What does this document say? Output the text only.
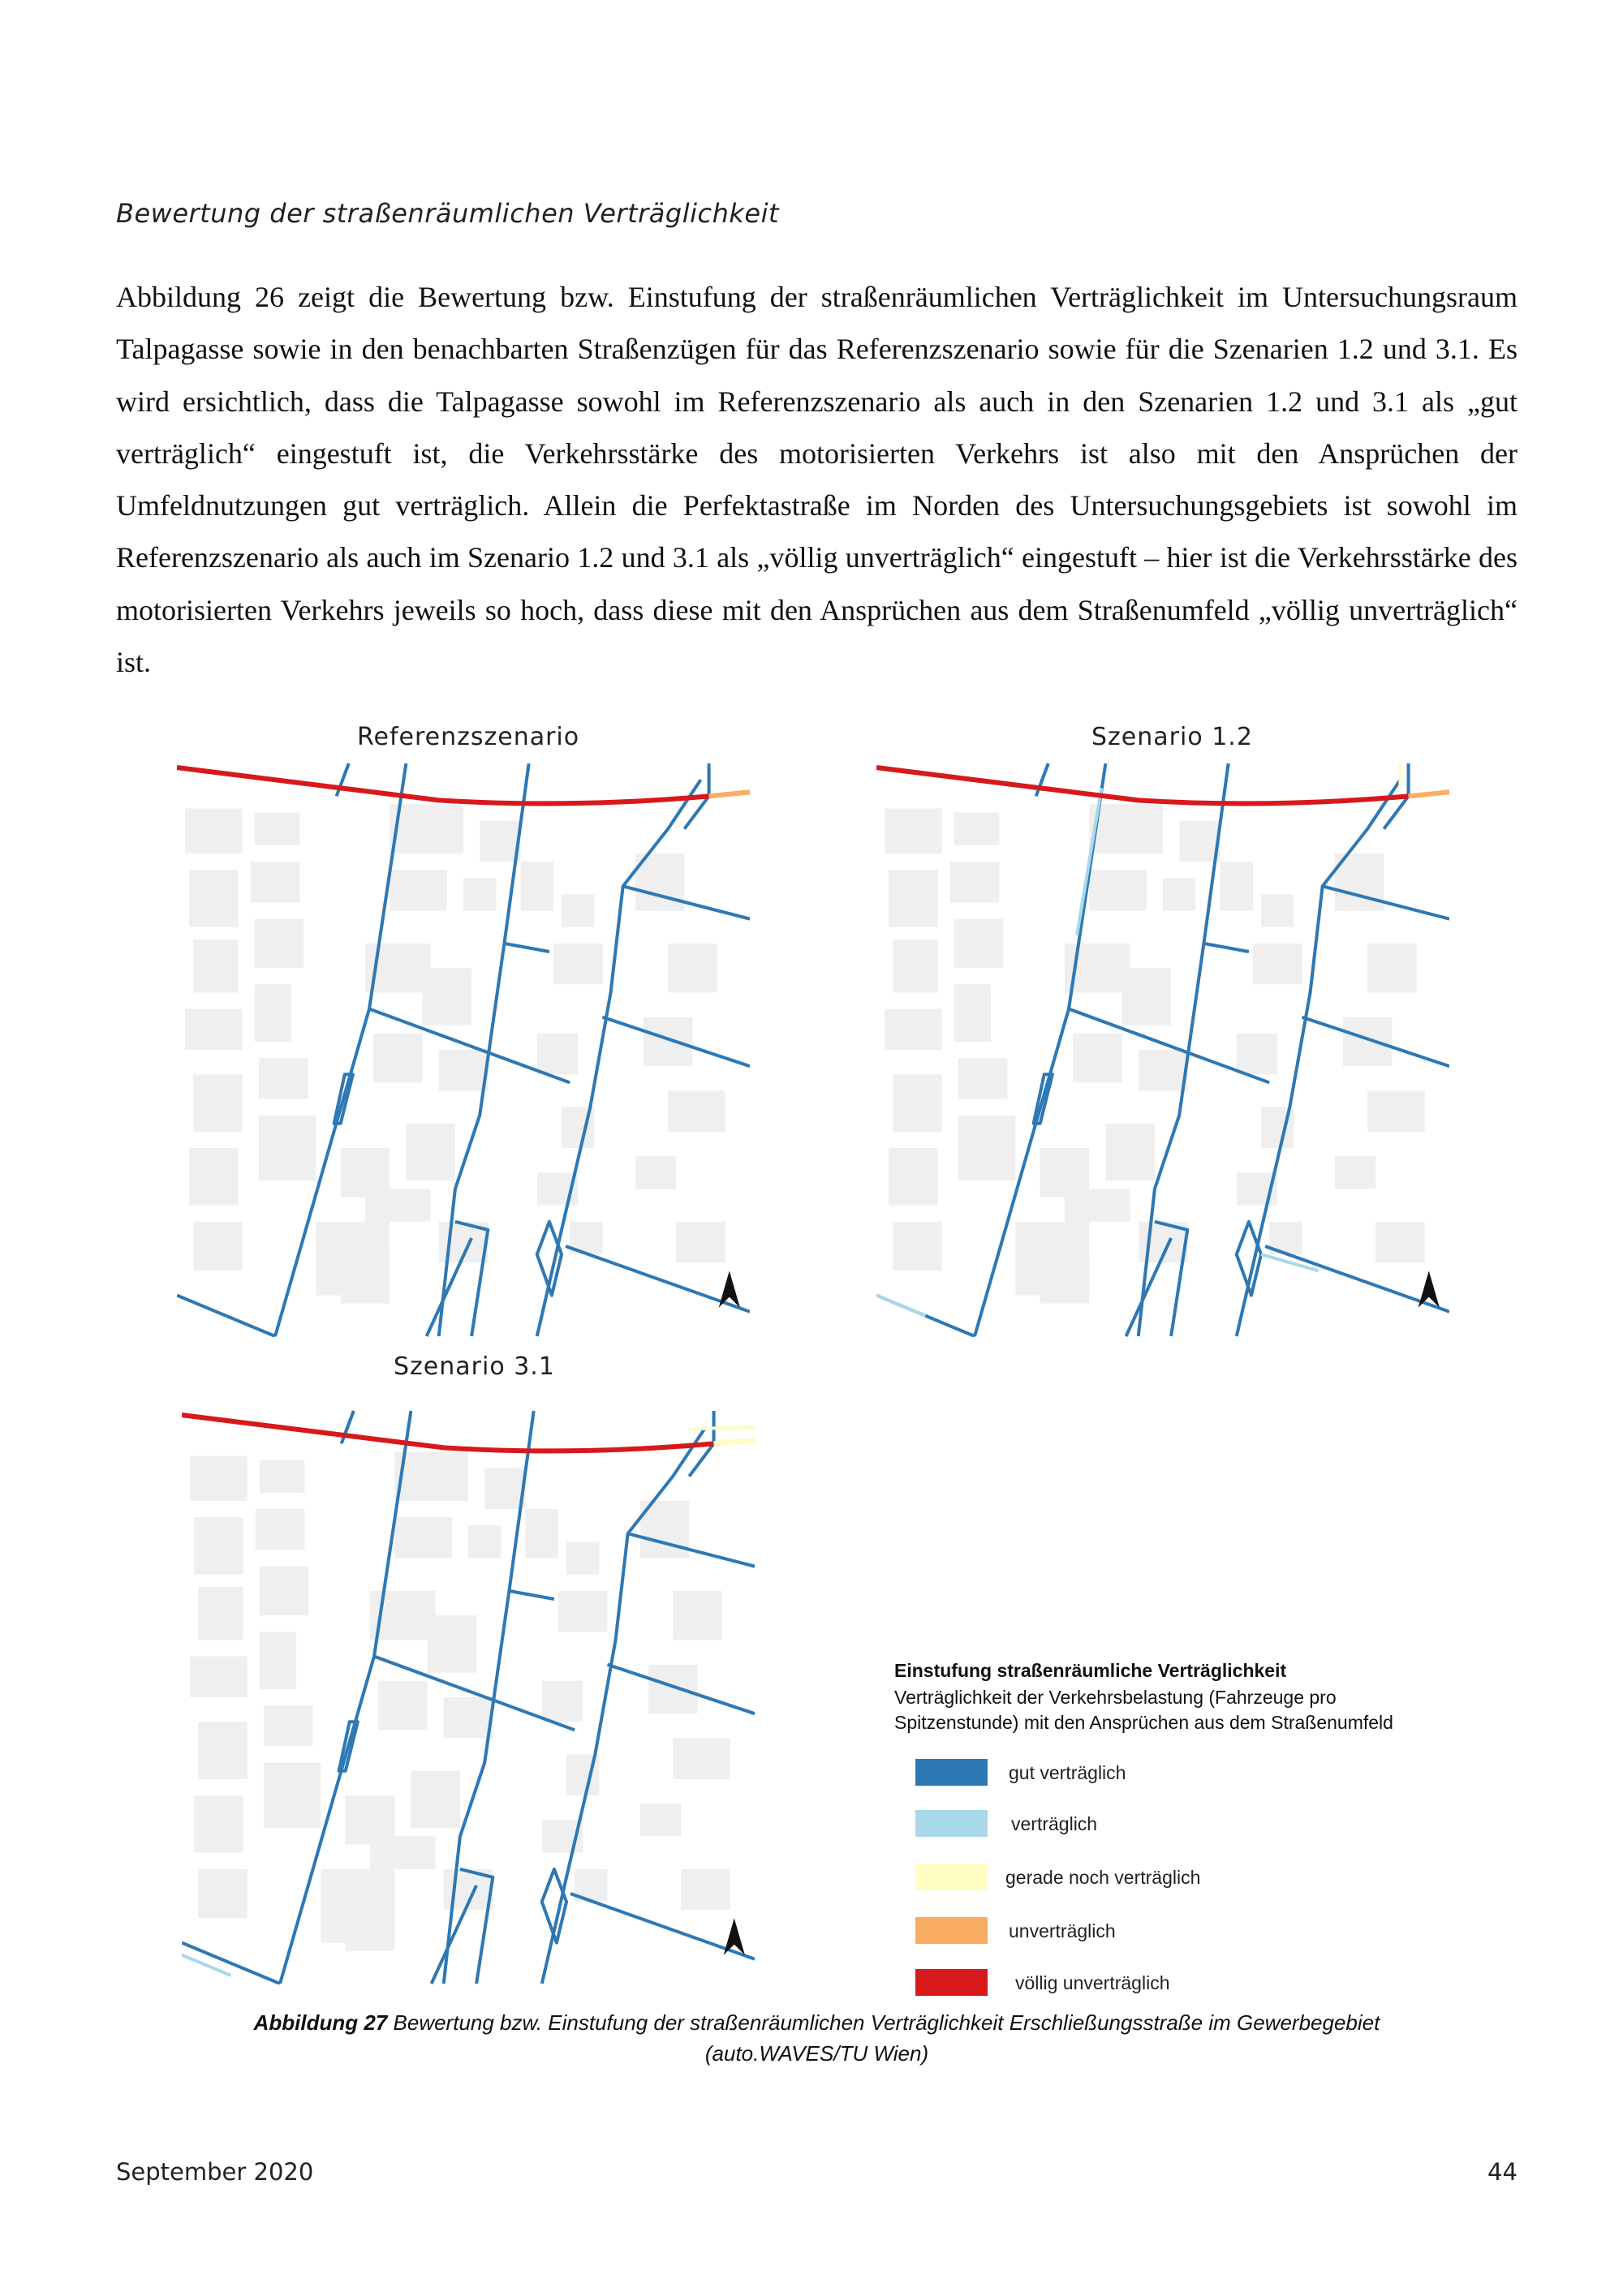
Bewertung der straßenräumlichen Verträglichkeit

Abbildung 26 zeigt die Bewertung bzw. Einstufung der straßenräumlichen Verträglichkeit im Untersuchungsraum Talpagasse sowie in den benachbarten Straßenzügen für das Referenzszenario sowie für die Szenarien 1.2 und 3.1. Es wird ersichtlich, dass die Talpagasse sowohl im Referenzszenario als auch in den Szenarien 1.2 und 3.1 als „gut verträglich“ eingestuft ist, die Verkehrsstärke des motorisierten Verkehrs ist also mit den Ansprüchen der Umfeldnutzungen gut verträglich. Allein die Perfektastraße im Norden des Untersuchungsgebiets ist sowohl im Referenzszenario als auch im Szenario 1.2 und 3.1 als „völlig unverträglich“ eingestuft – hier ist die Verkehrsstärke des motorisierten Verkehrs jeweils so hoch, dass diese mit den Ansprüchen aus dem Straßenumfeld „völlig unverträglich“ ist.

Referenzszenario	Szenario 1.2
Szenario 3.1
Einstufung straßenräumliche Verträglichkeit
Verträglichkeit der Verkehrsbelastung (Fahrzeuge pro Spitzenstunde) mit den Ansprüchen aus dem Straßenumfeld
gut verträglich
verträglich
gerade noch verträglich
unverträglich
völlig unverträglich
Abbildung 27 Bewertung bzw. Einstufung der straßenräumlichen Verträglichkeit Erschließungsstraße im Gewerbegebiet
(auto.WAVES/TU Wien)
September 2020	44
